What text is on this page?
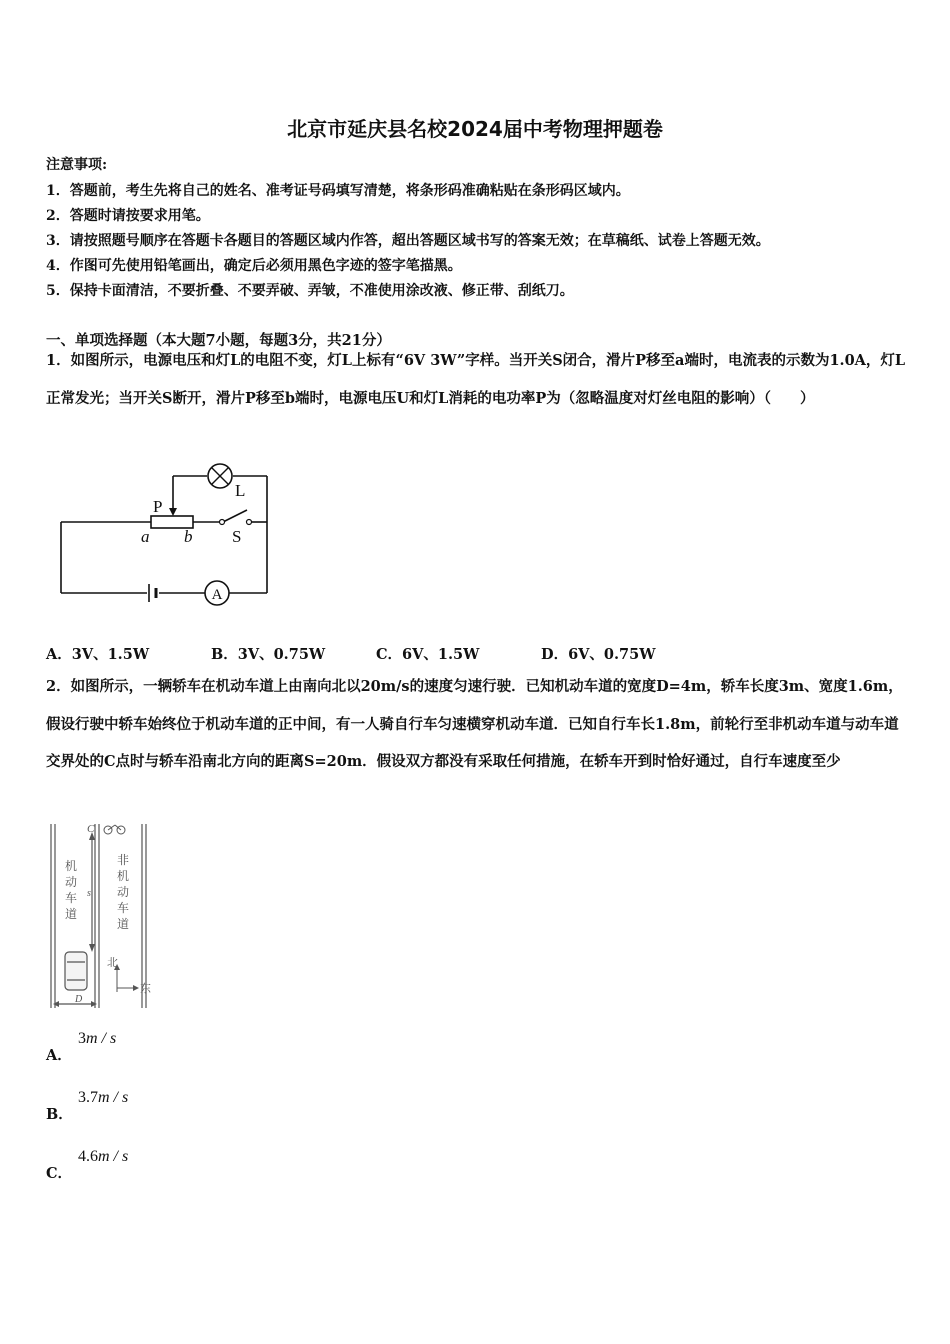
北京市延庆县名校2024届中考物理押题卷
注意事项:
1．答题前，考生先将自己的姓名、准考证号码填写清楚，将条形码准确粘贴在条形码区域内。
2．答题时请按要求用笔。
3．请按照题号顺序在答题卡各题目的答题区域内作答，超出答题区域书写的答案无效；在草稿纸、试卷上答题无效。
4．作图可先使用铅笔画出，确定后必须用黑色字迹的签字笔描黑。
5．保持卡面清洁，不要折叠、不要弄破、弄皱，不准使用涂改液、修正带、刮纸刀。
一、单项选择题（本大题7小题，每题3分，共21分）
1．如图所示，电源电压和灯L的电阻不变，灯L上标有“6V 3W”字样。当开关S闭合，滑片P移至a端时，电流表的示数为1.0A，灯L正常发光；当开关S断开，滑片P移至b端时，电源电压U和灯L消耗的电功率P为（忽略温度对灯丝电阻的影响）（　　）
A
P
L
a b S
A．3V、1.5W	B．3V、0.75W	C．6V、1.5W	D．6V、0.75W
2．如图所示，一辆轿车在机动车道上由南向北以20m/s的速度匀速行驶．已知机动车道的宽度D=4m，轿车长度3m、宽度1.6m，假设行驶中轿车始终位于机动车道的正中间，有一人骑自行车匀速横穿机动车道．已知自行车长1.8m，前轮行至非机动车道与动车道交界处的C点时与轿车沿南北方向的距离S=20m．假设双方都没有采取任何措施，在轿车开到时恰好通过，自行车速度至少
C
s
D
北
东
机动车道
非机动车道
A．
3m / s
B．
3.7m / s
C．
4.6m / s
